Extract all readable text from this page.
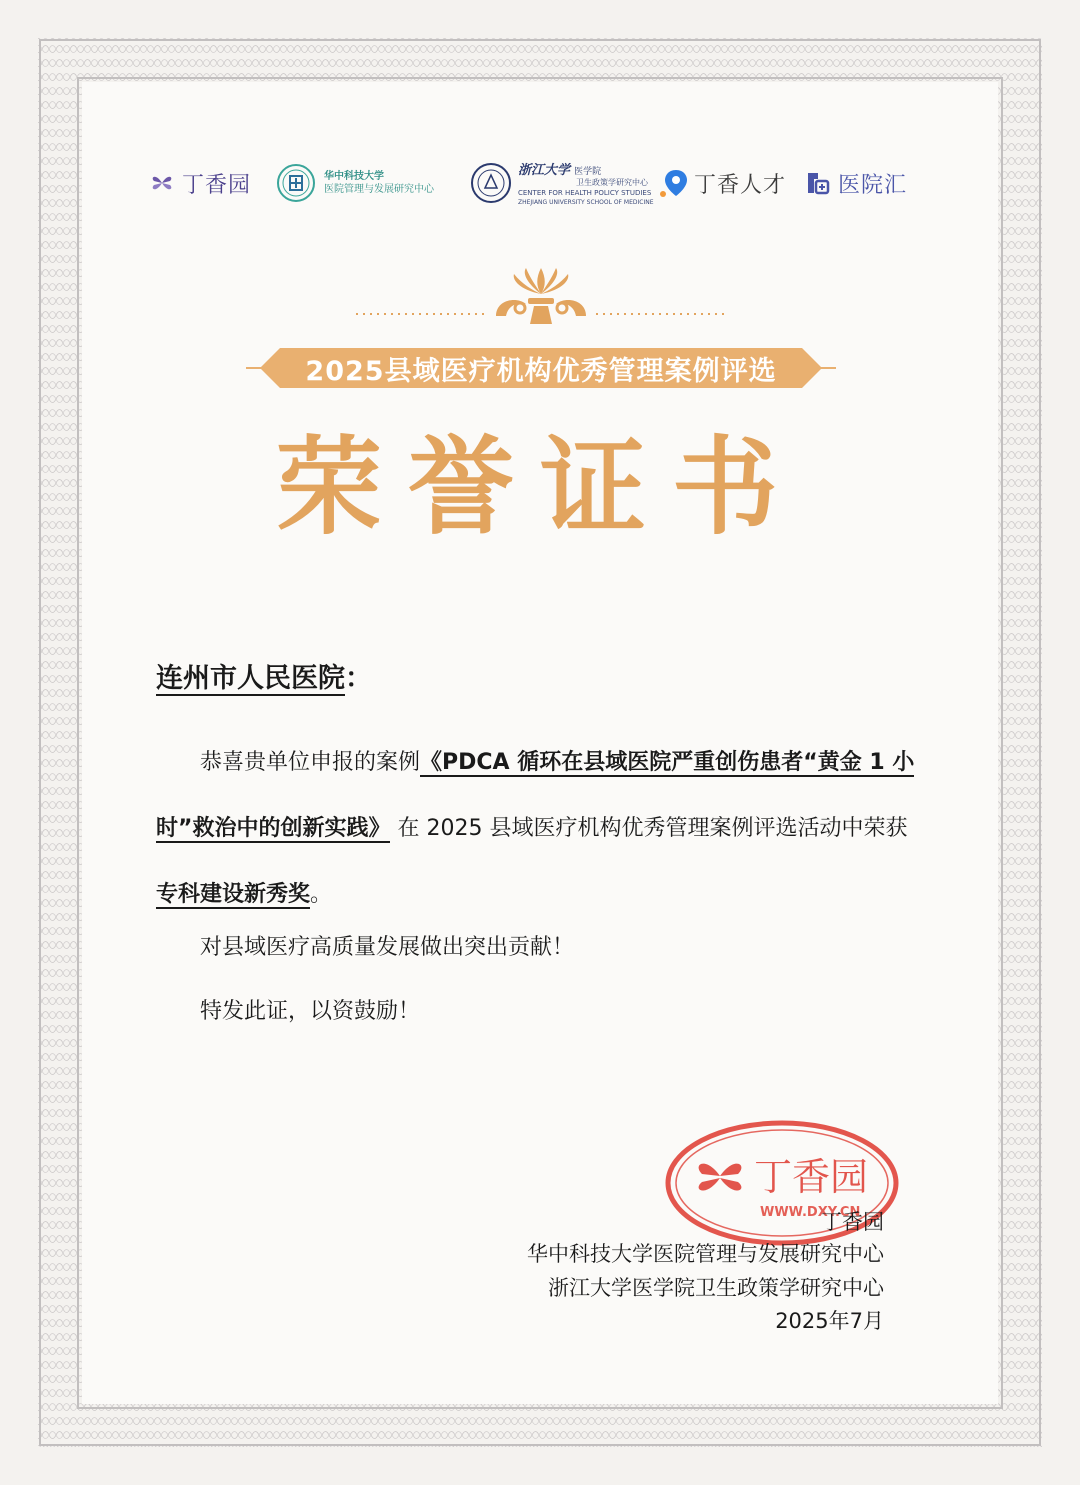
丁香园	华中科技大学
医院管理与发展研究中心
浙江大学 医学院
卫生政策学研究中心
CENTER FOR HEALTH POLICY STUDIES
ZHEJIANG UNIVERSITY SCHOOL OF MEDICINE
丁香人才 医院汇
2025县域医疗机构优秀管理案例评选
荣誉证书
连州市人民医院：
恭喜贵单位申报的案例《PDCA 循环在县域医院严重创伤患者“黄金 1 小时”救治中的创新实践》 在 2025 县域医疗机构优秀管理案例评选活动中荣获 专科建设新秀奖。
对县域医疗高质量发展做出突出贡献！
特发此证，以资鼓励！
丁香园
WWW.DXY.CN
丁香园
华中科技大学医院管理与发展研究中心
浙江大学医学院卫生政策学研究中心
2025年7月
